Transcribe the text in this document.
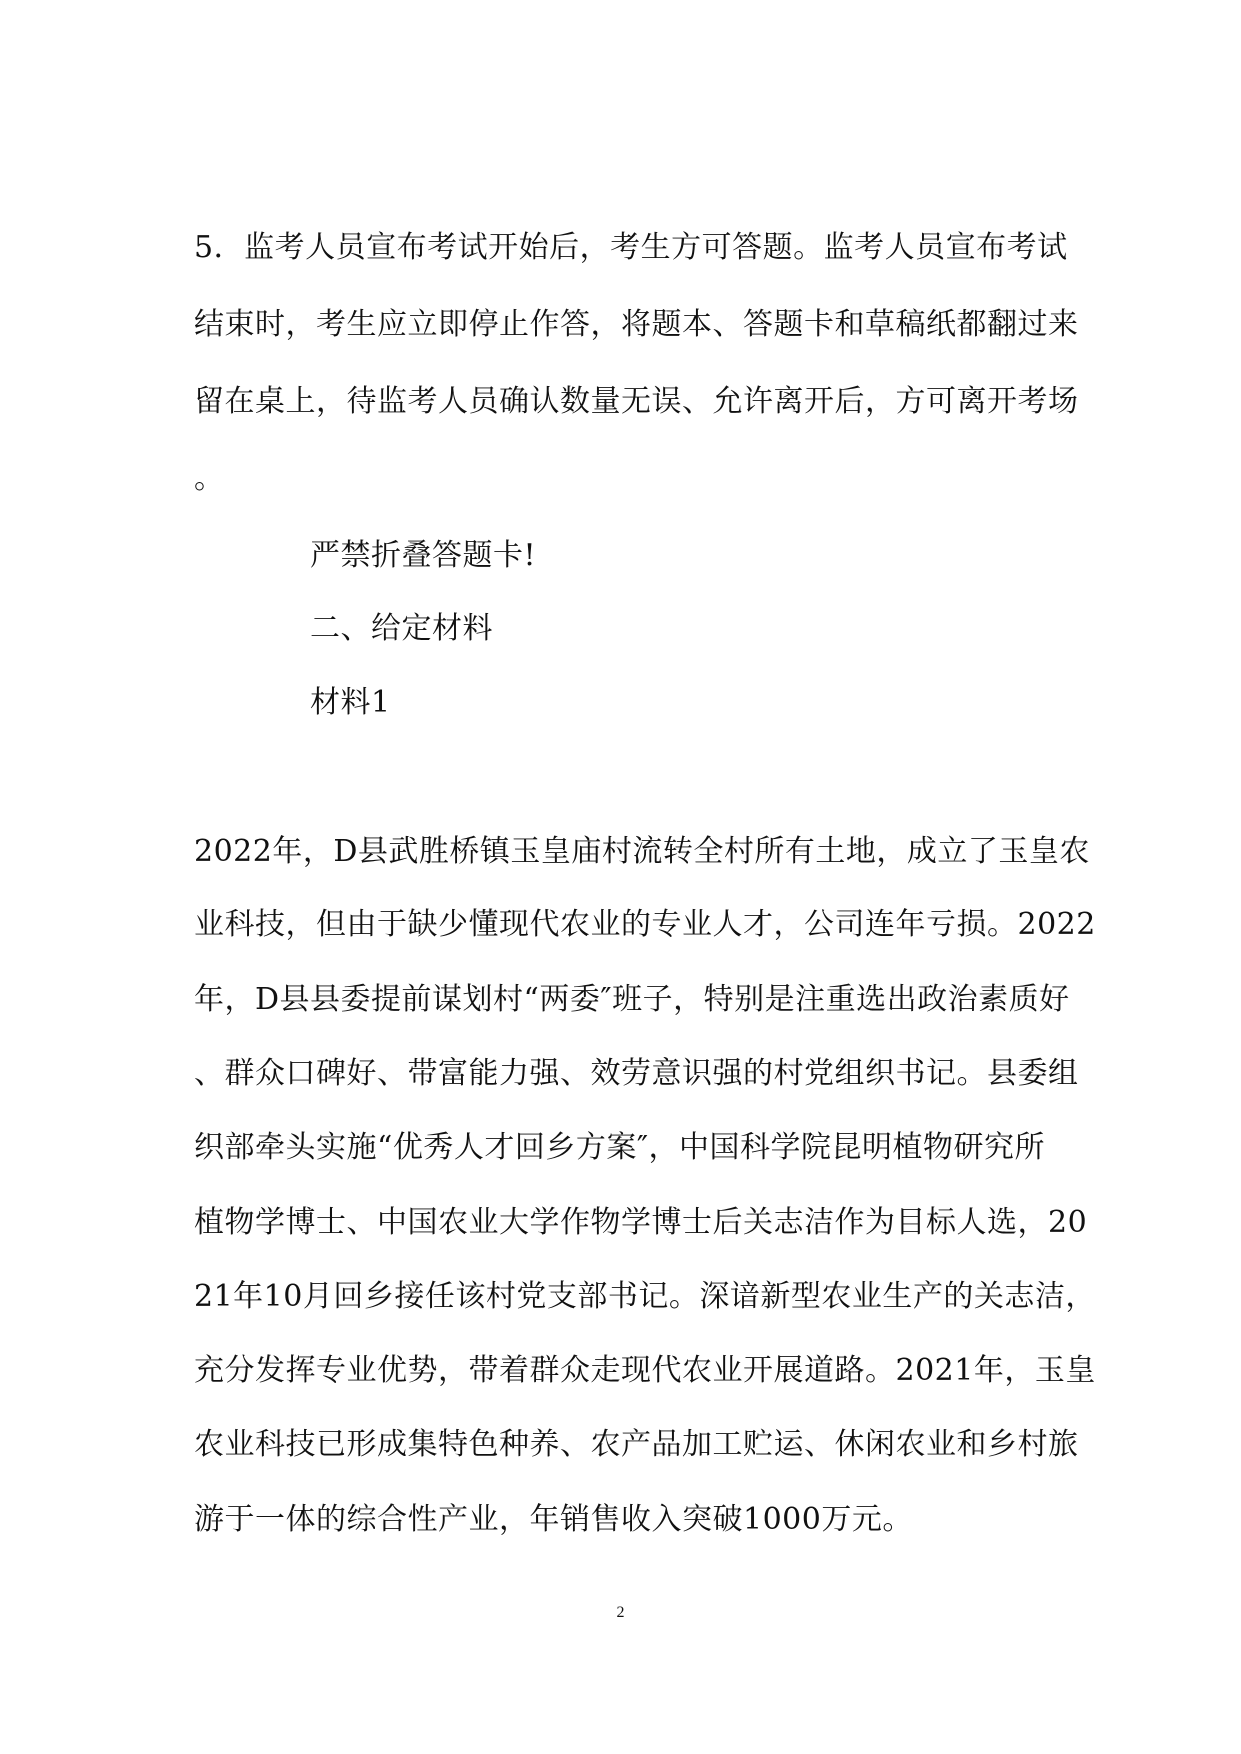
5．监考人员宣布考试开始后，考生方可答题。监考人员宣布考试

结束时，考生应立即停止作答，将题本、答题卡和草稿纸都翻过来

留在桌上，待监考人员确认数量无误、允许离开后，方可离开考场

。

严禁折叠答题卡!

二、给定材料

材料1

2022年，D县武胜桥镇玉皇庙村流转全村所有土地，成立了玉皇农

业科技，但由于缺少懂现代农业的专业人才，公司连年亏损。2022

年，D县县委提前谋划村“两委″班子，特别是注重选出政治素质好

、群众口碑好、带富能力强、效劳意识强的村党组织书记。县委组

织部牵头实施“优秀人才回乡方案″，中国科学院昆明植物研究所

植物学博士、中国农业大学作物学博士后关志洁作为目标人选，20

21年10月回乡接任该村党支部书记。深谙新型农业生产的关志洁，

充分发挥专业优势，带着群众走现代农业开展道路。2021年，玉皇

农业科技已形成集特色种养、农产品加工贮运、休闲农业和乡村旅

游于一体的综合性产业，年销售收入突破1000万元。

2
